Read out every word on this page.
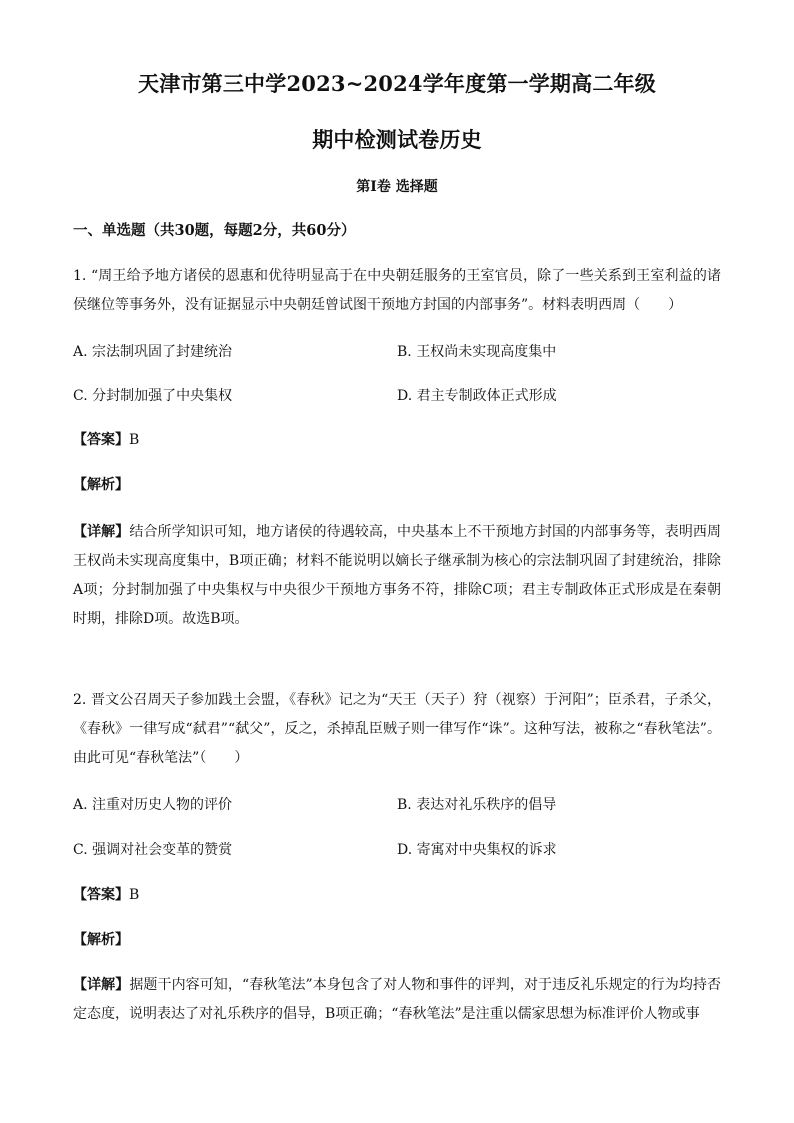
天津市第三中学2023~2024学年度第一学期高二年级
期中检测试卷历史
第Ⅰ卷 选择题
一、单选题（共30题，每题2分，共60分）
1. “周王给予地方诸侯的恩惠和优待明显高于在中央朝廷服务的王室官员，除了一些关系到王室利益的诸侯继位等事务外，没有证据显示中央朝廷曾试图干预地方封国的内部事务”。材料表明西周（　　）
A. 宗法制巩固了封建统治	B. 王权尚未实现高度集中
C. 分封制加强了中央集权	D. 君主专制政体正式形成
【答案】B
【解析】
【详解】结合所学知识可知，地方诸侯的待遇较高，中央基本上不干预地方封国的内部事务等，表明西周王权尚未实现高度集中，B项正确；材料不能说明以嫡长子继承制为核心的宗法制巩固了封建统治，排除A项；分封制加强了中央集权与中央很少干预地方事务不符，排除C项；君主专制政体正式形成是在秦朝时期，排除D项。故选B项。
2. 晋文公召周天子参加践土会盟，《春秋》记之为“天王（天子）狩（视察）于河阳”；臣杀君，子杀父，《春秋》一律写成“弑君”“弑父”，反之，杀掉乱臣贼子则一律写作“诛”。这种写法，被称之“春秋笔法”。由此可见“春秋笔法”（　　）
A. 注重对历史人物的评价	B. 表达对礼乐秩序的倡导
C. 强调对社会变革的赞赏	D. 寄寓对中央集权的诉求
【答案】B
【解析】
【详解】据题干内容可知，“春秋笔法”本身包含了对人物和事件的评判，对于违反礼乐规定的行为均持否定态度，说明表达了对礼乐秩序的倡导，B项正确；“春秋笔法”是注重以儒家思想为标准评价人物或事
